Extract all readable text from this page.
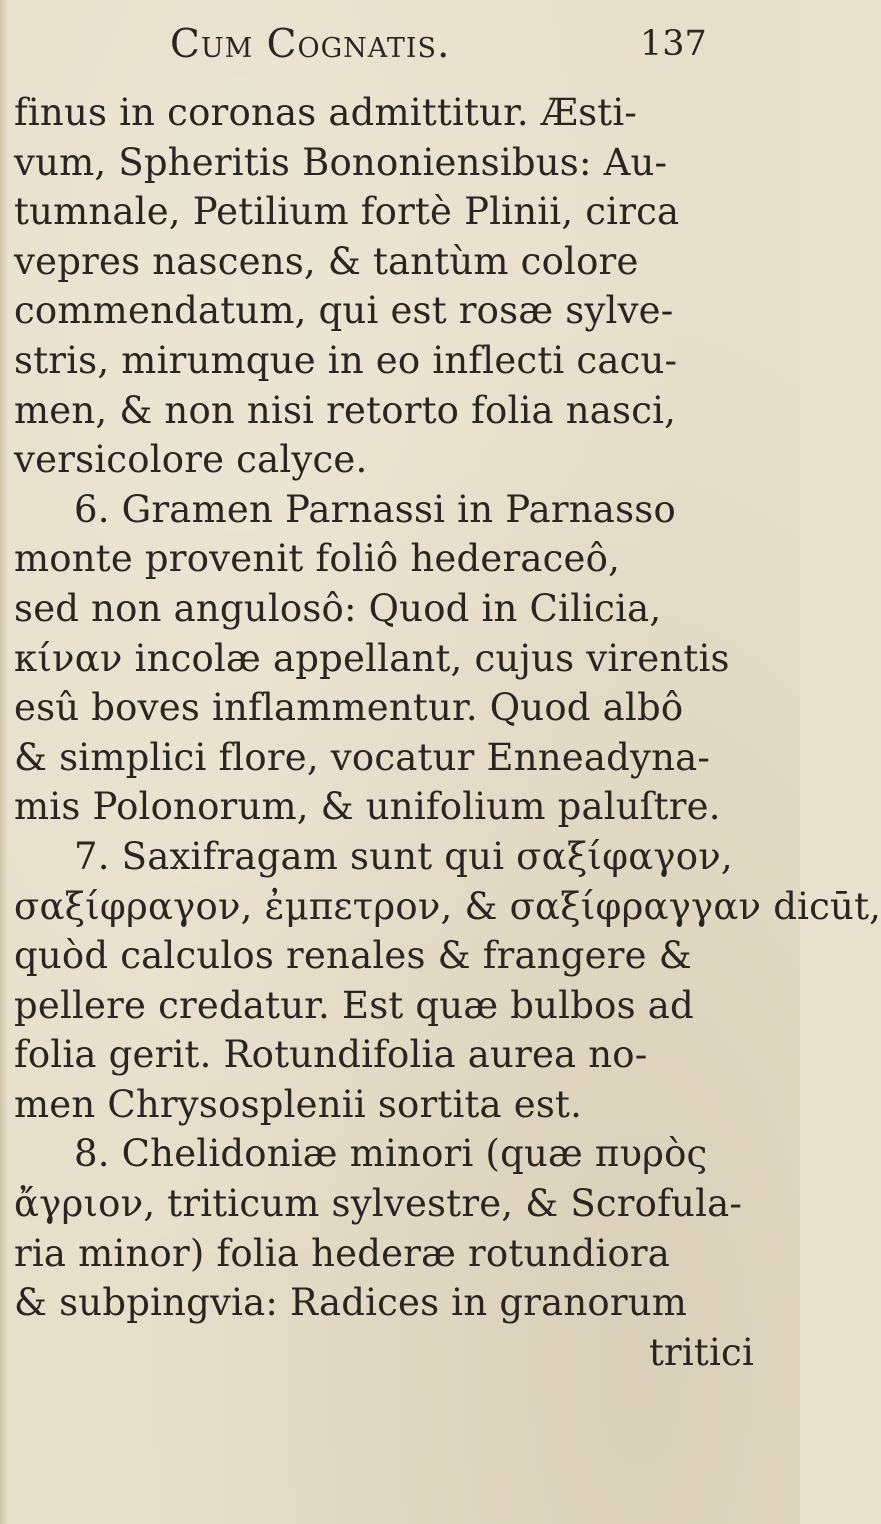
Cum Cognatis.	137
finus in coronas admittitur. Æsti-
vum, Spheritis Bononiensibus: Au-
tumnale, Petilium fortè Plinii, circa
vepres nascens, & tantùm colore
commendatum, qui est rosæ sylve-
stris, mirumque in eo inflecti cacu-
men, & non nisi retorto folia nasci,
versicolore calyce.
6. Gramen Parnassi in Parnasso
monte provenit foliô hederaceô,
sed non angulosô: Quod in Cilicia,
κίναν incolæ appellant, cujus virentis
esû boves inflammentur. Quod albô
& simplici flore, vocatur Enneadyna-
mis Polonorum, & unifolium paluſtre.
7. Saxifragam sunt qui σαξίφαγον,
σαξίφραγον, ἐμπετρον, & σαξίφραγγαν dicūt,
quòd calculos renales & frangere &
pellere credatur. Est quæ bulbos ad
folia gerit. Rotundifolia aurea no-
men Chrysosplenii sortita est.
8. Chelidoniæ minori (quæ πυρὸς
ἄγριον, triticum sylvestre, & Scrofula-
ria minor) folia hederæ rotundiora
& subpingvia: Radices in granorum
tritici
